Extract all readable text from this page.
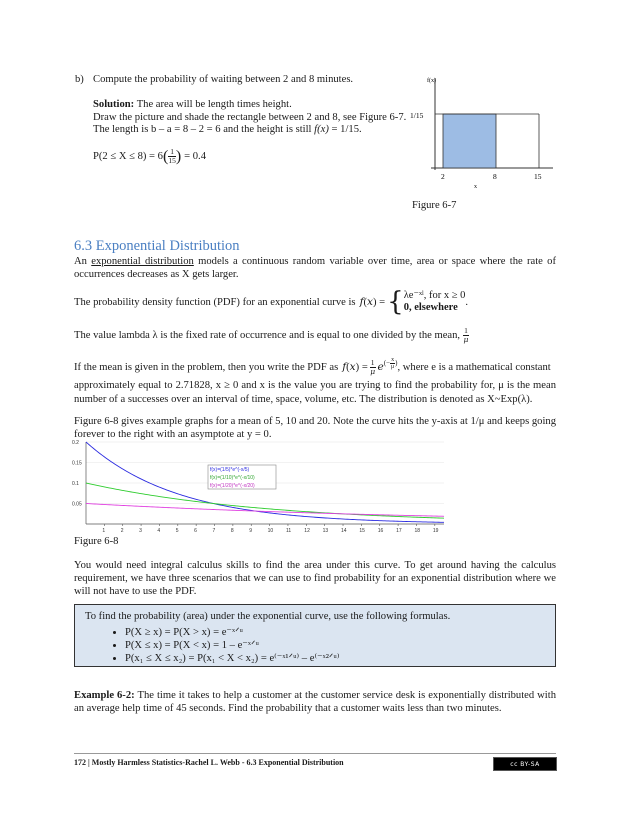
b) Compute the probability of waiting between 2 and 8 minutes.

Solution: The area will be length times height.

Draw the picture and shade the rectangle between 2 and 8, see Figure 6-7.

The length is b – a = 8 – 2 = 6 and the height is still f(x) = 1/15.

P(2 ≤ X ≤ 8) = 6 ( $\frac{1}{15}$ ) = 0.4
f(x)
1/15
2	8	15
x
Figure 6-7
6.3 Exponential Distribution
An exponential distribution models a continuous random variable over time, area or space where the rate of occurrences decreases as X gets larger.
The probability density function (PDF) for an exponential curve is f ( x ) = { λe⁻ˣˡ, for x ≥ 0
0, elsewhere .
The value lambda λ is the fixed rate of occurrence and is equal to one divided by the mean, $\frac{1}{\mu}$

If the mean is given in the problem, then you write the PDF as f ( x ) = $\frac{1}{\mu} e^{(- \frac{x}{\mu})}$ , where e is a mathematical constant

approximately equal to 2.71828, x ≥ 0 and x is the value you are trying to find the probability for, μ is the mean number of a successes over an interval of time, space, volume, etc. The distribution is denoted as X~Exp(λ).

Figure 6-8 gives example graphs for a mean of 5, 10 and 20. Note the curve hits the y-axis at 1/μ and keeps going forever to the right with an asymptote at y = 0.
0.2
0.15
0.1
0.05
1	2	3	4	5	6	7	8	9	10	11	12	13	14	15	16	17	18	19
f(x)=(1/5)*e^(-x/5)
f(x)=(1/10)*e^(-x/10)
f(x)=(1/20)*e^(-x/20)
Figure 6-8
You would need integral calculus skills to find the area under this curve. To get around having the calculus requirement, we have three scenarios that we can use to find probability for an exponential distribution where we will not have to use the PDF.

To find the probability (area) under the exponential curve, use the following formulas.

• P(X ≥ x) = P(X > x) = e⁻ˣᐟᵘ
• P(X ≤ x) = P(X < x) = 1 – e⁻ˣᐟᵘ
• P(x₁ ≤ X ≤ x₂) = P(x₁ < X < x₂) = e⁽⁻ˣ¹ᐟᵘ⁾ – e⁽⁻ˣ²ᐟᵘ⁾
Example 6-2: The time it takes to help a customer at the customer service desk is exponentially distributed with an average help time of 45 seconds. Find the probability that a customer waits less than two minutes.
172 | Mostly Harmless Statistics-Rachel L. Webb - 6.3 Exponential Distribution	cc BY-SA
